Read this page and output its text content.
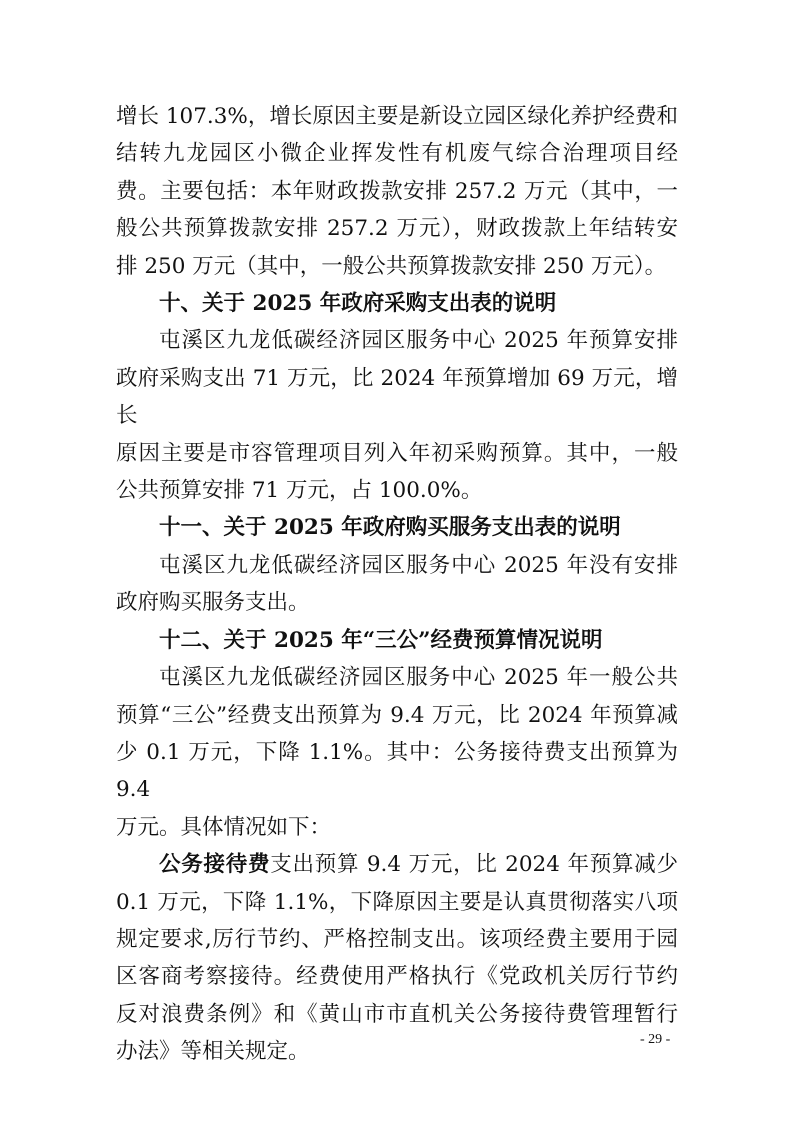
增长 107.3%，增长原因主要是新设立园区绿化养护经费和

结转九龙园区小微企业挥发性有机废气综合治理项目经

费。主要包括：本年财政拨款安排 257.2 万元（其中，一

般公共预算拨款安排 257.2 万元），财政拨款上年结转安

排 250 万元（其中，一般公共预算拨款安排 250 万元）。

十、关于 2025 年政府采购支出表的说明

屯溪区九龙低碳经济园区服务中心 2025 年预算安排

政府采购支出 71 万元，比 2024 年预算增加 69 万元，增长

原因主要是市容管理项目列入年初采购预算。其中，一般

公共预算安排 71 万元，占 100.0%。

十一、关于 2025 年政府购买服务支出表的说明

屯溪区九龙低碳经济园区服务中心 2025 年没有安排

政府购买服务支出。

十二、关于 2025 年“三公”经费预算情况说明

屯溪区九龙低碳经济园区服务中心 2025 年一般公共

预算“三公”经费支出预算为 9.4 万元，比 2024 年预算减

少 0.1 万元，下降 1.1%。其中：公务接待费支出预算为 9.4

万元。具体情况如下：

公务接待费支出预算 9.4 万元，比 2024 年预算减少

0.1 万元，下降 1.1%，下降原因主要是认真贯彻落实八项

规定要求,厉行节约、严格控制支出。该项经费主要用于园

区客商考察接待。经费使用严格执行《党政机关厉行节约

反对浪费条例》和《黄山市市直机关公务接待费管理暂行

办法》等相关规定。	- 29 -
